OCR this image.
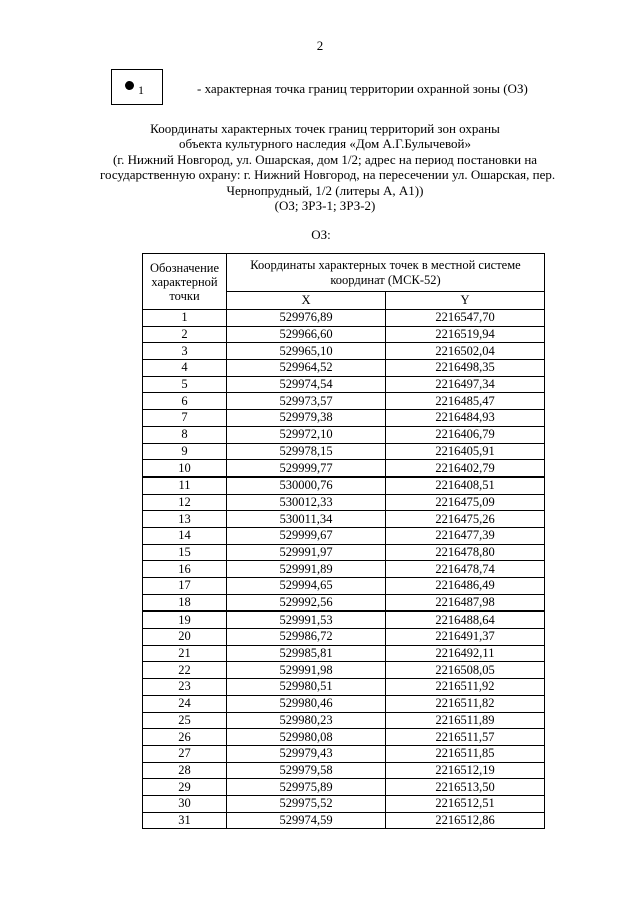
2
1	- характерная точка границ территории охранной зоны (ОЗ)
Координаты характерных точек границ территорий зон охраны
объекта культурного наследия «Дом А.Г.Булычевой»
(г. Нижний Новгород, ул. Ошарская, дом 1/2; адрес на период постановки на
государственную охрану: г. Нижний Новгород, на пересечении ул. Ошарская, пер.
Чернопрудный, 1/2 (литеры А, А1))
(ОЗ; ЗРЗ-1; ЗРЗ-2)
ОЗ:
Обозначение характерной точки	Координаты характерных точек в местной системе координат (МСК-52)	
	X	Y
1	529976,89	2216547,70
2	529966,60	2216519,94
3	529965,10	2216502,04
4	529964,52	2216498,35
5	529974,54	2216497,34
6	529973,57	2216485,47
7	529979,38	2216484,93
8	529972,10	2216406,79
9	529978,15	2216405,91
10	529999,77	2216402,79
11	530000,76	2216408,51
12	530012,33	2216475,09
13	530011,34	2216475,26
14	529999,67	2216477,39
15	529991,97	2216478,80
16	529991,89	2216478,74
17	529994,65	2216486,49
18	529992,56	2216487,98
19	529991,53	2216488,64
20	529986,72	2216491,37
21	529985,81	2216492,11
22	529991,98	2216508,05
23	529980,51	2216511,92
24	529980,46	2216511,82
25	529980,23	2216511,89
26	529980,08	2216511,57
27	529979,43	2216511,85
28	529979,58	2216512,19
29	529975,89	2216513,50
30	529975,52	2216512,51
31	529974,59	2216512,86
